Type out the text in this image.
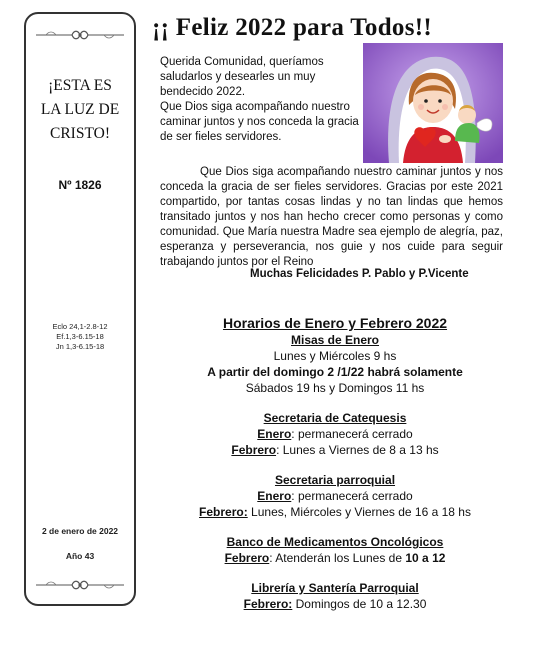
¡ESTA ES
LA LUZ DE
CRISTO!
Nº 1826
Eclo 24,1-2.8-12
Ef.1,3-6.15-18
Jn 1,3-6.15-18
2 de enero de 2022
Año 43
¡¡ Feliz 2022 para Todos!!

Querida Comunidad, queríamos saludarlos y desearles un muy bendecido 2022.

Que Dios siga acompañando nuestro caminar juntos y nos conceda la gracia de ser fieles servidores.

Que Dios siga acompañando nuestro caminar juntos y nos conceda la gracia de ser fieles servidores. Gracias por este 2021 compartido, por tantas cosas lindas y no tan lindas que hemos transitado juntos y nos han hecho crecer como personas y como comunidad. Que María nuestra Madre sea ejemplo de alegría, paz, esperanza y perseverancia, nos guie y nos cuide para seguir trabajando juntos por el Reino

Muchas Felicidades P. Pablo y P.Vicente
Horarios de Enero y Febrero 2022
Misas de Enero
Lunes y Miércoles 9 hs
A partir del domingo 2 /1/22 habrá solamente
Sábados 19 hs y Domingos 11 hs
Secretaria de Catequesis
Enero: permanecerá cerrado
Febrero: Lunes a Viernes de 8 a 13 hs
Secretaria parroquial
Enero: permanecerá cerrado
Febrero: Lunes, Miércoles y Viernes de 16 a 18 hs
Banco de Medicamentos Oncológicos
Febrero: Atenderán los Lunes de 10 a 12
Librería y Santería Parroquial
Febrero: Domingos de 10 a 12.30
